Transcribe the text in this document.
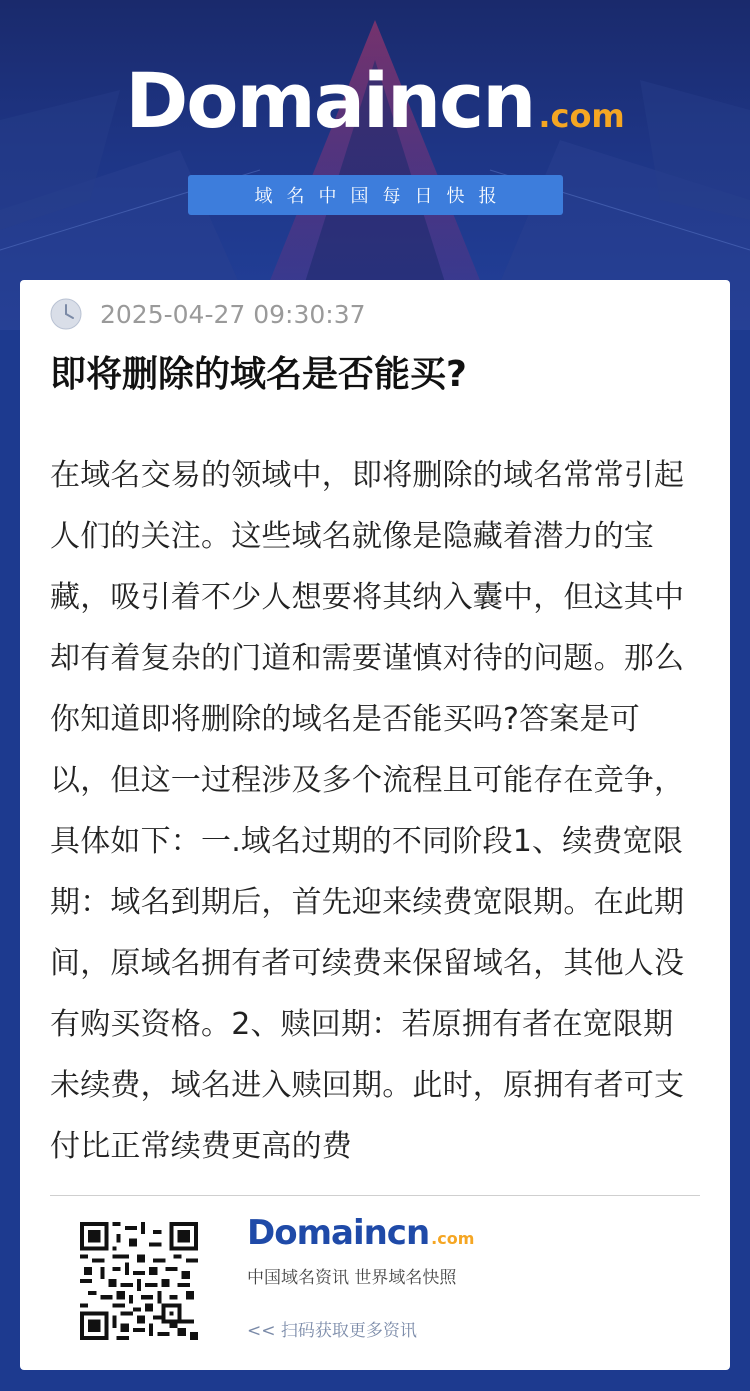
Domaincn .com
域名中国每日快报
2025-04-27 09:30:37
即将删除的域名是否能买?
在域名交易的领域中，即将删除的域名常常引起人们的关注。这些域名就像是隐藏着潜力的宝藏，吸引着不少人想要将其纳入囊中，但这其中却有着复杂的门道和需要谨慎对待的问题。那么你知道即将删除的域名是否能买吗?答案是可以，但这一过程涉及多个流程且可能存在竞争，具体如下：一.域名过期的不同阶段1、续费宽限期：域名到期后，首先迎来续费宽限期。在此期间，原域名拥有者可续费来保留域名，其他人没有购买资格。2、赎回期：若原拥有者在宽限期未续费，域名进入赎回期。此时，原拥有者可支付比正常续费更高的费
Domaincn .com
中国域名资讯 世界域名快照
<< 扫码获取更多资讯
